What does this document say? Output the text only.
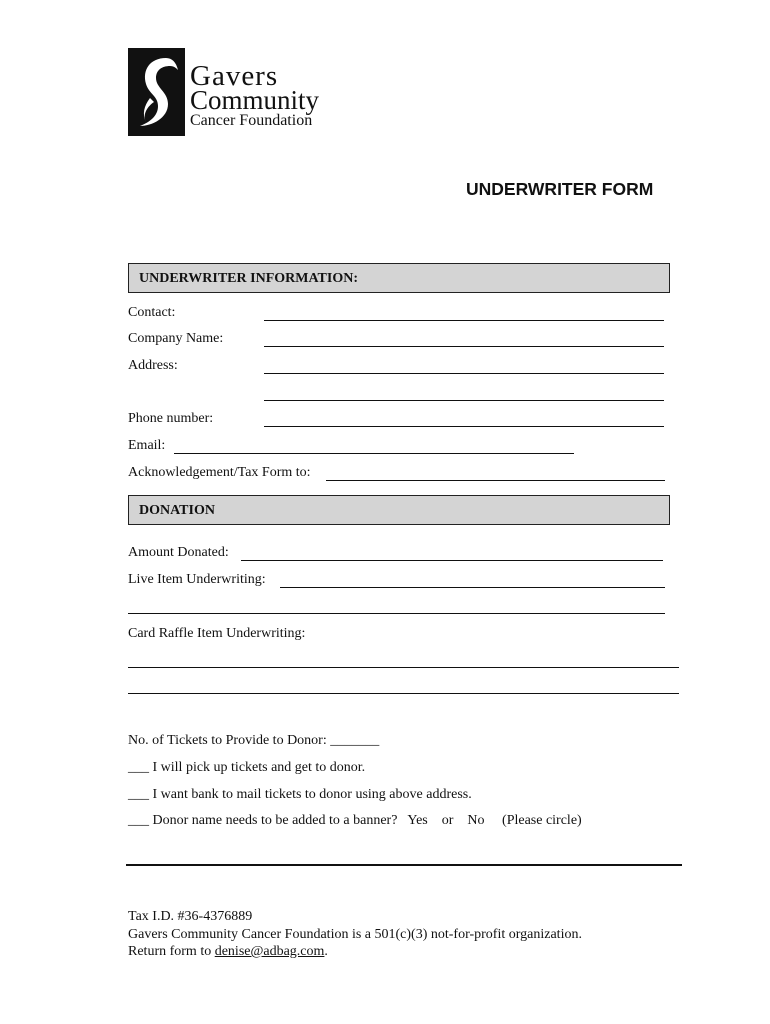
Gavers
Community
Cancer Foundation
UNDERWRITER FORM
UNDERWRITER INFORMATION:
Contact:
Company Name:
Address:
Phone number:
Email:
Acknowledgement/Tax Form to:
DONATION
Amount Donated:
Live Item Underwriting:
Card Raffle Item Underwriting:
No. of Tickets to Provide to Donor: _______
___ I will pick up tickets and get to donor.
___ I want bank to mail tickets to donor using above address.
___ Donor name needs to be added to a banner?   Yes    or    No     (Please circle)
Tax I.D. #36-4376889
Gavers Community Cancer Foundation is a 501(c)(3) not-for-profit organization.
Return form to denise@adbag.com.
